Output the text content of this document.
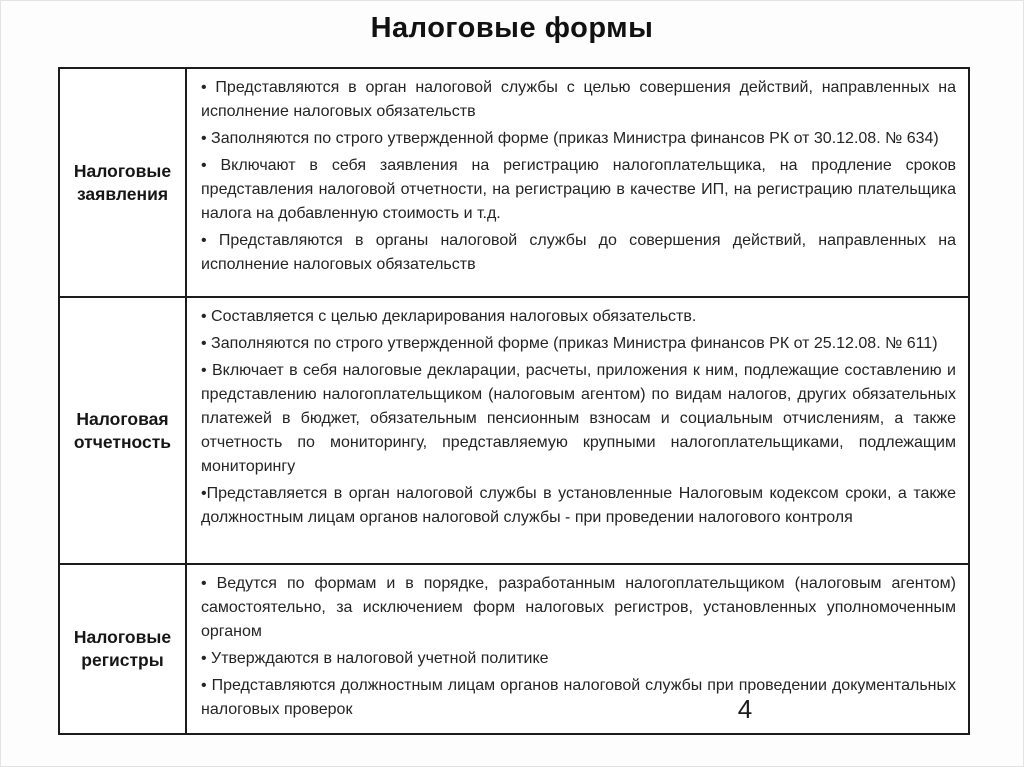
Налоговые формы
Налоговые заявления

• Представляются в орган налоговой службы с целью совершения действий, направленных на исполнение налоговых обязательств

• Заполняются по строго утвержденной форме (приказ Министра финансов РК от 30.12.08. № 634)

• Включают в себя заявления на регистрацию налогоплательщика, на продление сроков представления налоговой отчетности, на регистрацию в качестве ИП, на регистрацию плательщика налога на добавленную стоимость и т.д.

• Представляются в органы налоговой службы до совершения действий, направленных на исполнение налоговых обязательств

Налоговая отчетность

• Составляется с целью декларирования налоговых обязательств.

• Заполняются по строго утвержденной форме (приказ Министра финансов РК от 25.12.08. № 611)

• Включает в себя налоговые декларации, расчеты, приложения к ним, подлежащие составлению и представлению налогоплательщиком (налоговым агентом) по видам налогов, других обязательных платежей в бюджет, обязательным пенсионным взносам и социальным отчислениям, а также отчетность по мониторингу, представляемую крупными налогоплательщиками, подлежащим мониторингу

•Представляется в орган налоговой службы в установленные Налоговым кодексом сроки, а также должностным лицам органов налоговой службы - при проведении налогового контроля

Налоговые регистры

• Ведутся по формам и в порядке, разработанным налогоплательщиком (налоговым агентом) самостоятельно, за исключением форм налоговых регистров, установленных уполномоченным органом

• Утверждаются в налоговой учетной политике

• Представляются должностным лицам органов налоговой службы при проведении документальных налоговых проверок	4
